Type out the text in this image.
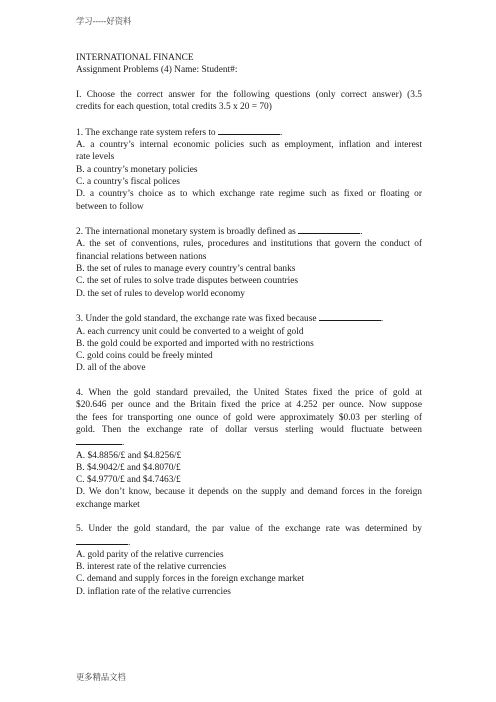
学习-----好资料
INTERNATIONAL FINANCE
Assignment Problems (4) Name: Student#:
I. Choose the correct answer for the following questions (only correct answer) (3.5
credits for each question, total credits 3.5 x 20 = 70)
1. The exchange rate system refers to	.
A. a country’s internal economic policies such as employment, inflation and interest
rate levels
B. a country’s monetary policies
C. a country’s fiscal polices
D. a country’s choice as to which exchange rate regime such as fixed or floating or
between to follow
2. The international monetary system is broadly defined as	.
A. the set of conventions, rules, procedures and institutions that govern the conduct of
financial relations between nations
B. the set of rules to manage every country’s central banks
C. the set of rules to solve trade disputes between countries
D. the set of rules to develop world economy
3. Under the gold standard, the exchange rate was fixed because	.
A. each currency unit could be converted to a weight of gold
B. the gold could be exported and imported with no restrictions
C. gold coins could be freely minted
D. all of the above
4. When the gold standard prevailed, the United States fixed the price of gold at
$20.646 per ounce and the Britain fixed the price at 4.252 per ounce. Now suppose
the fees for transporting one ounce of gold were approximately $0.03 per sterling of
gold. Then the exchange rate of dollar versus sterling would fluctuate between
.
A. $4.8856/£ and $4.8256/£
B. $4.9042/£ and $4.8070/£
C. $4.9770/£ and $4.7463/£
D. We don’t know, because it depends on the supply and demand forces in the foreign
exchange market
5. Under the gold standard, the par value of the exchange rate was determined by
.
A. gold parity of the relative currencies
B. interest rate of the relative currencies
C. demand and supply forces in the foreign exchange market
D. inflation rate of the relative currencies
更多精品文档
